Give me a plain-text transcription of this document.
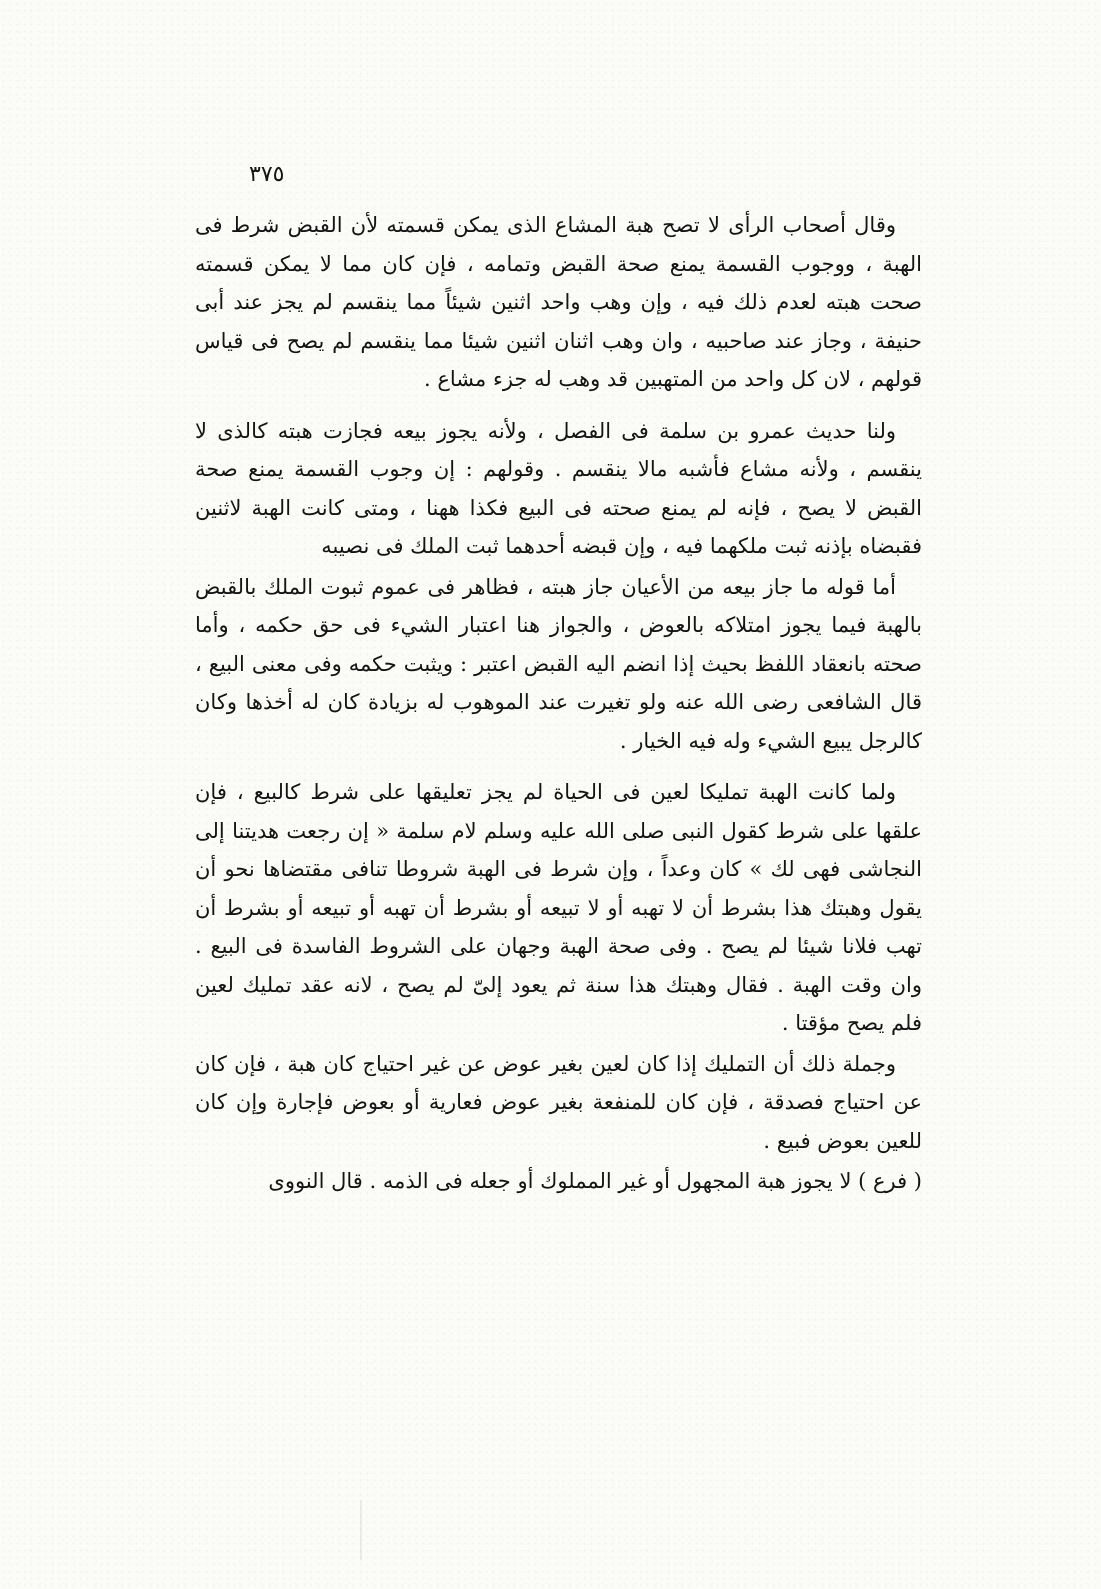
٣٧٥

وقال أصحاب الرأى لا تصح هبة المشاع الذى يمكن قسمته لأن القبض شرط فى الهبة ، ووجوب القسمة يمنع صحة القبض وتمامه ، فإن كان مما لا يمكن قسمته صحت هبته لعدم ذلك فيه ، وإن وهب واحد اثنين شيئاً مما ينقسم لم يجز عند أبى حنيفة ، وجاز عند صاحبيه ، وان وهب اثنان اثنين شيئا مما ينقسم لم يصح فى قياس قولهم ، لان كل واحد من المتهبين قد وهب له جزء مشاع .

ولنا حديث عمرو بن سلمة فى الفصل ، ولأنه يجوز بيعه فجازت هبته كالذى لا ينقسم ، ولأنه مشاع فأشبه مالا ينقسم . وقولهم : إن وجوب القسمة يمنع صحة القبض لا يصح ، فإنه لم يمنع صحته فى البيع فكذا ههنا ، ومتى كانت الهبة لاثنين فقبضاه بإذنه ثبت ملكهما فيه ، وإن قبضه أحدهما ثبت الملك فى نصيبه

أما قوله ما جاز بيعه من الأعيان جاز هبته ، فظاهر فى عموم ثبوت الملك بالقبض بالهبة فيما يجوز امتلاكه بالعوض ، والجواز هنا اعتبار الشيء فى حق حكمه ، وأما صحته بانعقاد اللفظ بحيث إذا انضم اليه القبض اعتبر : ويثبت حكمه وفى معنى البيع ، قال الشافعى رضى الله عنه ولو تغيرت عند الموهوب له بزيادة كان له أخذها وكان كالرجل يبيع الشيء وله فيه الخيار .

ولما كانت الهبة تمليكا لعين فى الحياة لم يجز تعليقها على شرط كالبيع ، فإن علقها على شرط كقول النبى صلى الله عليه وسلم لام سلمة « إن رجعت هديتنا إلى النجاشى فهى لك » كان وعداً ، وإن شرط فى الهبة شروطا تنافى مقتضاها نحو أن يقول وهبتك هذا بشرط أن لا تهبه أو لا تبيعه أو بشرط أن تهبه أو تبيعه أو بشرط أن تهب فلانا شيئا لم يصح . وفى صحة الهبة وجهان على الشروط الفاسدة فى البيع . وان وقت الهبة . فقال وهبتك هذا سنة ثم يعود إلىّ لم يصح ، لانه عقد تمليك لعين فلم يصح مؤقتا .

وجملة ذلك أن التمليك إذا كان لعين بغير عوض عن غير احتياج كان هبة ، فإن كان عن احتياج فصدقة ، فإن كان للمنفعة بغير عوض فعارية أو بعوض فإجارة وإن كان للعين بعوض فبيع .

( فرع ) لا يجوز هبة المجهول أو غير المملوك أو جعله فى الذمه . قال النووى
